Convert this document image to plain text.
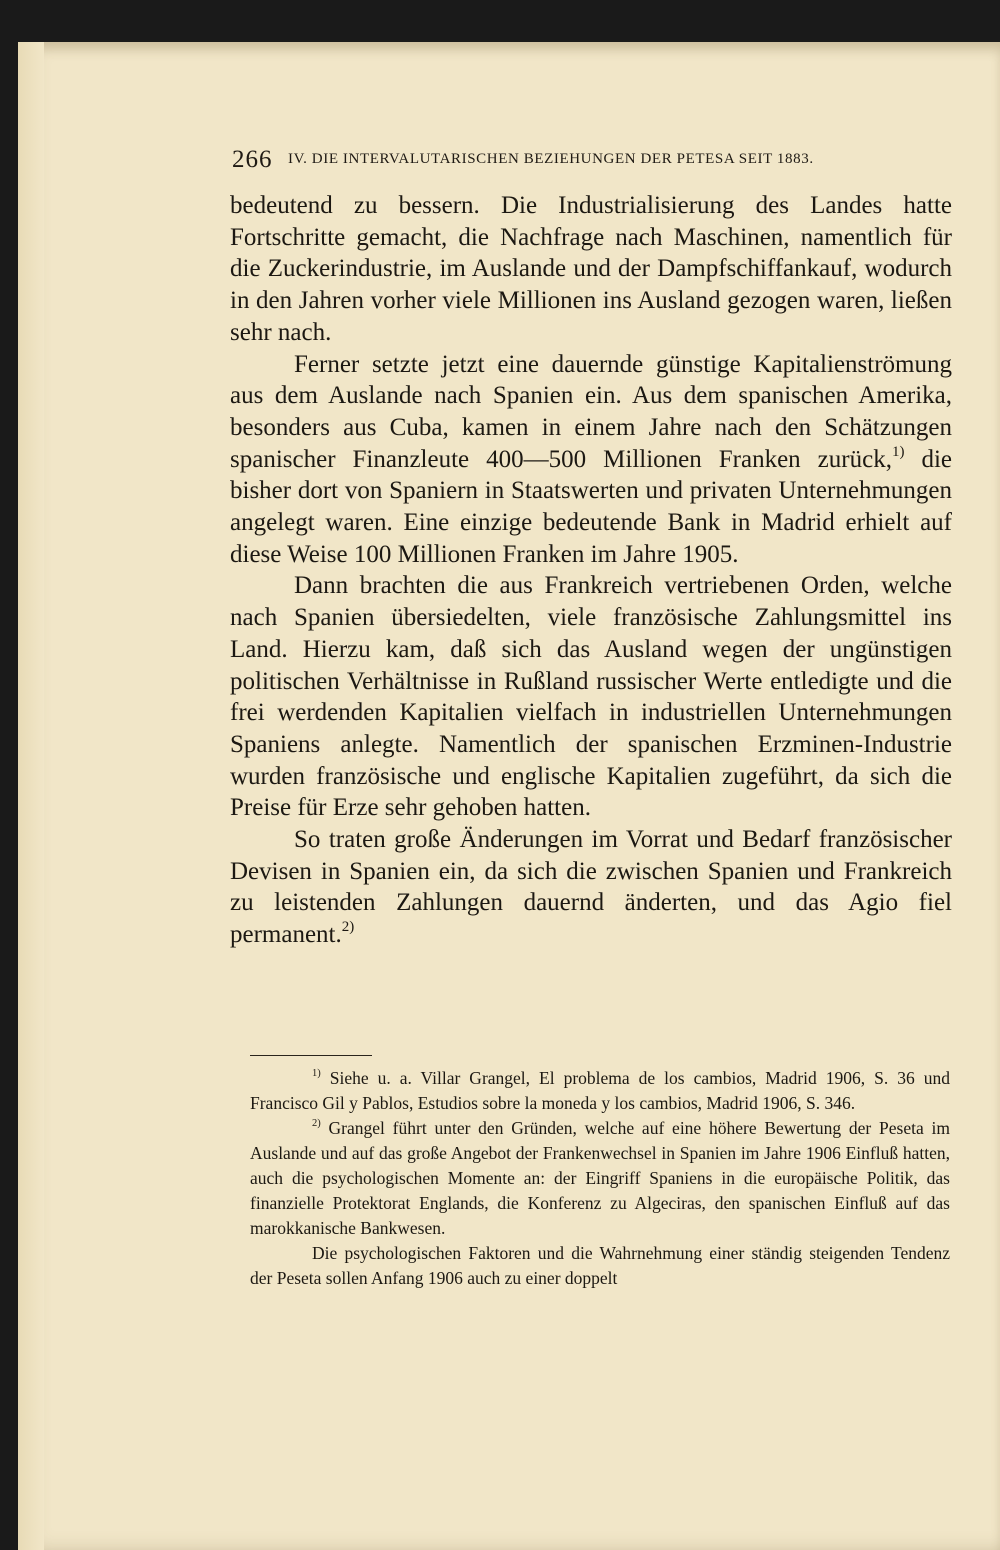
266 IV. DIE INTERVALUTARISCHEN BEZIEHUNGEN DER PETESA SEIT 1883.

bedeutend zu bessern. Die Industrialisierung des Landes hatte Fortschritte gemacht, die Nachfrage nach Maschinen, namentlich für die Zuckerindustrie, im Auslande und der Dampfschiffankauf, wodurch in den Jahren vorher viele Millionen ins Ausland gezogen waren, ließen sehr nach.

Ferner setzte jetzt eine dauernde günstige Kapitalienströmung aus dem Auslande nach Spanien ein. Aus dem spanischen Amerika, besonders aus Cuba, kamen in einem Jahre nach den Schätzungen spanischer Finanzleute 400—500 Millionen Franken zurück,$^{1)}$ die bisher dort von Spaniern in Staatswerten und privaten Unternehmungen angelegt waren. Eine einzige bedeutende Bank in Madrid erhielt auf diese Weise 100 Millionen Franken im Jahre 1905.

Dann brachten die aus Frankreich vertriebenen Orden, welche nach Spanien übersiedelten, viele französische Zahlungsmittel ins Land. Hierzu kam, daß sich das Ausland wegen der ungünstigen politischen Verhältnisse in Rußland russischer Werte entledigte und die frei werdenden Kapitalien vielfach in industriellen Unternehmungen Spaniens anlegte. Namentlich der spanischen Erzminen-Industrie wurden französische und englische Kapitalien zugeführt, da sich die Preise für Erze sehr gehoben hatten.

So traten große Änderungen im Vorrat und Bedarf französischer Devisen in Spanien ein, da sich die zwischen Spanien und Frankreich zu leistenden Zahlungen dauernd änderten, und das Agio fiel permanent.$^{2)}$

$^{1)}$ Siehe u. a. Villar Grangel, El problema de los cambios, Madrid 1906, S. 36 und Francisco Gil y Pablos, Estudios sobre la moneda y los cambios, Madrid 1906, S. 346.

$^{2)}$ Grangel führt unter den Gründen, welche auf eine höhere Bewertung der Peseta im Auslande und auf das große Angebot der Frankenwechsel in Spanien im Jahre 1906 Einfluß hatten, auch die psychologischen Momente an: der Eingriff Spaniens in die europäische Politik, das finanzielle Protektorat Englands, die Konferenz zu Algeciras, den spanischen Einfluß auf das marokkanische Bankwesen.

Die psychologischen Faktoren und die Wahrnehmung einer ständig steigenden Tendenz der Peseta sollen Anfang 1906 auch zu einer doppelt
